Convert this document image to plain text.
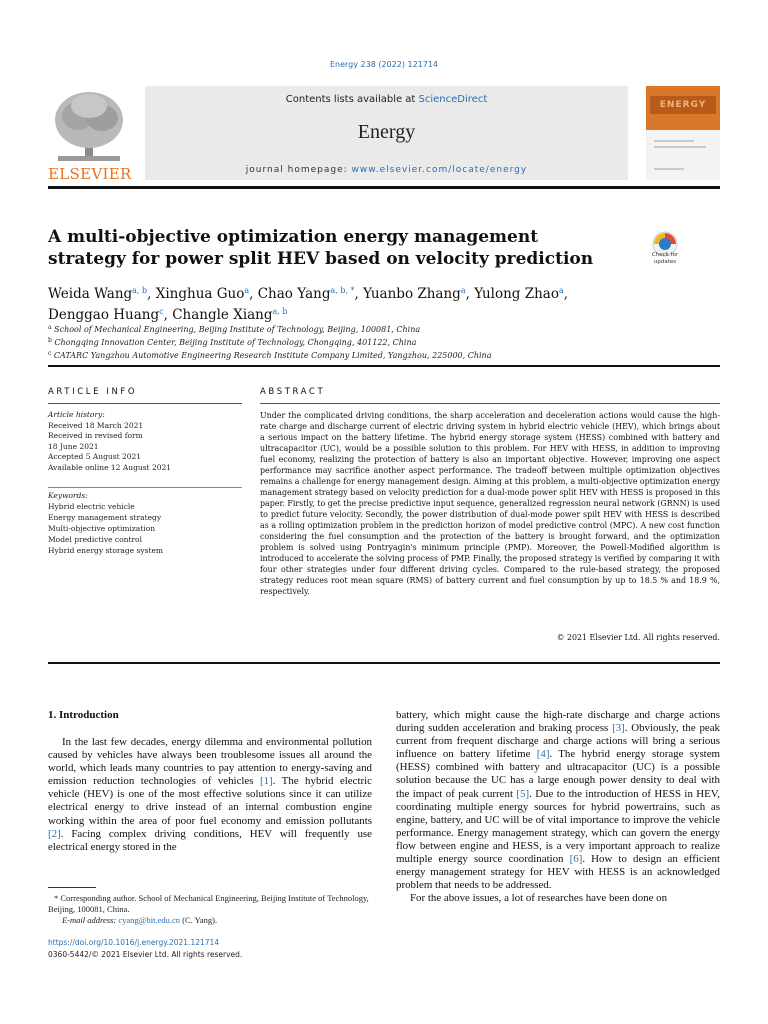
Energy 238 (2022) 121714
ELSEVIER
Contents lists available at ScienceDirect
Energy
journal homepage: www.elsevier.com/locate/energy
ENERGY
A multi-objective optimization energy management strategy for power split HEV based on velocity prediction	Check for updates
Weida Wang$^{a, b}$, Xinghua Guo$^a$, Chao Yang$^{a, b, *}$, Yuanbo Zhang$^a$, Yulong Zhao$^a$,
Denggao Huang$^c$, Changle Xiang$^{a, b}$
$^a$ School of Mechanical Engineering, Beijing Institute of Technology, Beijing, 100081, China
$^b$ Chongqing Innovation Center, Beijing Institute of Technology, Chongqing, 401122, China
$^c$ CATARC Yangzhou Automotive Engineering Research Institute Company Limited, Yangzhou, 225000, China
ARTICLE INFO
Article history:
Received 18 March 2021
Received in revised form
18 June 2021
Accepted 5 August 2021
Available online 12 August 2021
Keywords:
Hybrid electric vehicle
Energy management strategy
Multi-objective optimization
Model predictive control
Hybrid energy storage system
ABSTRACT
Under the complicated driving conditions, the sharp acceleration and deceleration actions would cause the high-rate charge and discharge current of electric driving system in hybrid electric vehicle (HEV), which brings about a serious impact on the battery lifetime. The hybrid energy storage system (HESS) combined with battery and ultracapacitor (UC), would be a possible solution to this problem. For HEV with HESS, in addition to improving fuel economy, realizing the protection of battery is also an important objective. However, improving one aspect performance may sacrifice another aspect performance. The tradeoff between multiple optimization objectives remains a challenge for energy management design. Aiming at this problem, a multi-objective optimization energy management strategy based on velocity prediction for a dual-mode power split HEV with HESS is proposed in this paper. Firstly, to get the precise predictive input sequence, generalized regression neural network (GRNN) is used to predict future velocity. Secondly, the power distribution of dual-mode power spilt HEV with HESS is described as a rolling optimization problem in the prediction horizon of model predictive control (MPC). A new cost function considering the fuel consumption and the protection of the battery is brought forward, and the optimization problem is solved using Pontryagin's minimum principle (PMP). Moreover, the Powell-Modified algorithm is introduced to accelerate the solving process of PMP. Finally, the proposed strategy is verified by comparing it with four other strategies under four different driving cycles. Compared to the rule-based strategy, the proposed strategy reduces root mean square (RMS) of battery current and fuel consumption by up to 18.5 % and 18.9 %, respectively.
© 2021 Elsevier Ltd. All rights reserved.
1. Introduction

In the last few decades, energy dilemma and environmental pollution caused by vehicles have always been troublesome issues all around the world, which leads many countries to pay attention to energy-saving and emission reduction technologies of vehicles [1]. The hybrid electric vehicle (HEV) is one of the most effective solutions since it can utilize electrical energy to drive instead of an internal combustion engine working within the area of poor fuel economy and emission pollutants [2]. Facing complex driving conditions, HEV will frequently use electrical energy stored in the

battery, which might cause the high-rate discharge and charge actions during sudden acceleration and braking process [3]. Obviously, the peak current from frequent discharge and charge actions will bring a serious influence on battery lifetime [4]. The hybrid energy storage system (HESS) combined with battery and ultracapacitor (UC) is a possible solution because the UC has a large enough power density to deal with the impact of peak current [5]. Due to the introduction of HESS in HEV, coordinating multiple energy sources for hybrid powertrains, such as engine, battery, and UC will be of vital importance to improve the vehicle performance. Energy management strategy, which can govern the energy flow between engine and HESS, is a very important approach to realize multiple energy source coordination [6]. How to design an efficient energy management strategy for HEV with HESS is an acknowledged problem that needs to be addressed.

For the above issues, a lot of researches have been done on

* Corresponding author. School of Mechanical Engineering, Beijing Institute of Technology, Beijing, 100081, China.
E-mail address: cyang@bit.edu.cn (C. Yang).
https://doi.org/10.1016/j.energy.2021.121714
0360-5442/© 2021 Elsevier Ltd. All rights reserved.
